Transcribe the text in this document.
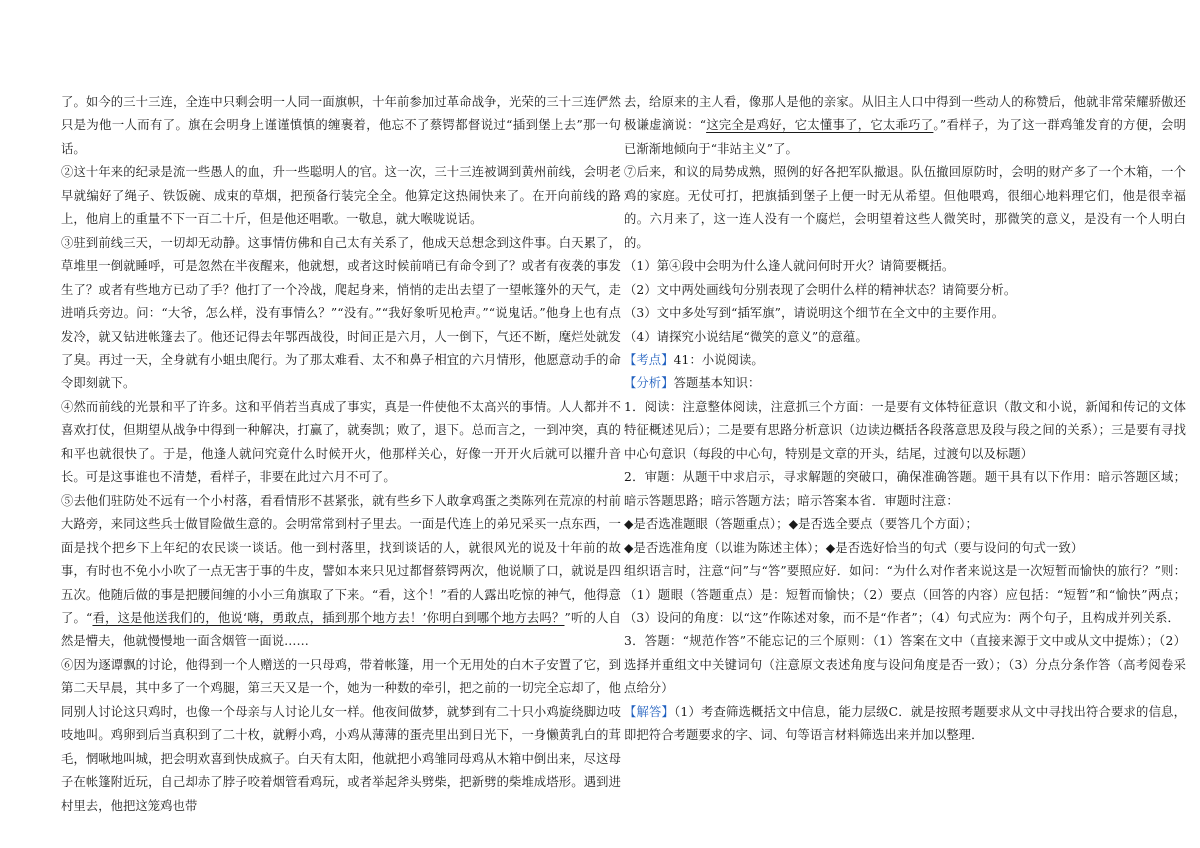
了。如今的三十三连，全连中只剩会明一人同一面旗帜，十年前参加过革命战争，光荣的三十三连俨然只是为他一人而有了。旗在会明身上谨谨慎慎的缠裹着，他忘不了蔡锷都督说过“插到堡上去”那一句话。

②这十年来的纪录是流一些愚人的血，升一些聪明人的官。这一次，三十三连被调到黄州前线，会明老早就编好了绳子、铁饭碗、成束的草烟，把预备行装完全全。他算定这热闹快来了。在开向前线的路上，他肩上的重量不下一百二十斤，但是他还唱歌。一敬息，就大喉咙说话。

③驻到前线三天，一切却无动静。这事情仿佛和自己太有关系了，他成天总想念到这件事。白天累了，草堆里一倒就睡呼，可是忽然在半夜醒来，他就想，或者这时候前哨已有命令到了？或者有夜袭的事发生了？或者有些地方已动了手？他打了一个冷战，爬起身来，悄悄的走出去望了一望帐篷外的天气，走进哨兵旁边。问：“大爷，怎么样，没有事情么？”“没有。”“我好象听见枪声。”“说鬼话。”他身上也有点发冷，就又钻进帐篷去了。他还记得去年鄂西战役，时间正是六月，人一倒下，气还不断，麾烂处就发了臭。再过一天，全身就有小蛆虫爬行。为了那太难看、太不和鼻子相宜的六月情形，他愿意动手的命令即刻就下。

④然而前线的光景和平了许多。这和平俏若当真成了事实，真是一件使他不太高兴的事情。人人都并不喜欢打仗，但期望从战争中得到一种解决，打赢了，就奏凯；败了，退下。总而言之，一到冲突，真的和平也就很快了。于是，他逢人就问究竟什么时候开火，他那样关心，好像一开开火后就可以擢升音长。可是这事谁也不清楚，看样子，非要在此过六月不可了。

⑤去他们驻防处不远有一个小村落，看看情形不甚紧张，就有些乡下人敢拿鸡蛋之类陈列在荒凉的村前大路旁，来同这些兵士做冒险做生意的。会明常常到村子里去。一面是代连上的弟兄采买一点东西，一面是找个把乡下上年纪的农民谈一谈话。他一到村落里，找到谈话的人，就很风光的说及十年前的故事，有时也不免小小吹了一点无害于事的牛皮，譬如本来只见过都督蔡锷两次，他说顺了口，就说是四五次。他随后做的事是把腰间缠的小小三角旗取了下来。“看，这个！”看的人露出吃惊的神气，他得意了。“看，这是他送我们的，他说‘嗨，勇敢点，插到那个地方去！’你明白到哪个地方去吗？”听的人自然是懵夫，他就慢慢地一面含烟管一面说……

⑥因为逐谭飘的讨论，他得到一个人赠送的一只母鸡，带着帐篷，用一个无用处的白木子安置了它，到第二天早晨，其中多了一个鸡腿，第三天又是一个，她为一种数的牵引，把之前的一切完全忘却了，他同别人讨论这只鸡时，也像一个母亲与人讨论儿女一样。他夜间做梦，就梦到有二十只小鸡旋绕脚边吱吱地叫。鸡卵到后当真积到了二十枚，就孵小鸡，小鸡从薄薄的蛋壳里出到日光下，一身懒黄乳白的茸毛，惘啾地叫城，把会明欢喜到快成疯子。白天有太阳，他就把小鸡雏同母鸡从木箱中倒出来，尽这母子在帐篷附近玩，自己却赤了脖子咬着烟管看鸡玩，或者举起斧头劈柴，把新劈的柴堆成塔形。遇到进村里去，他把这笼鸡也带

去，给原来的主人看，像那人是他的亲家。从旧主人口中得到一些动人的称赞后，他就非常荣耀骄傲还极谦虚滴说：“这完全是鸡好，它太懂事了，它太乖巧了。”看样子，为了这一群鸡雏发育的方便，会明已渐渐地倾向于“非站主义”了。

⑦后来，和议的局势成熟，照例的好各把军队撤退。队伍撤回原防时，会明的财产多了一个木箱，一个鸡的家庭。无仗可打，把旗插到堡子上便一时无从希望。但他喂鸡，很细心地料理它们，他是很幸福的。六月来了，这一连人没有一个腐烂，会明望着这些人微笑时，那微笑的意义，是没有一个人明白的。

（1）第④段中会明为什么逢人就问何时开火？请简要概括。

（2）文中两处画线句分别表现了会明什么样的精神状态？请简要分析。

（3）文中多处写到“插军旗”，请说明这个细节在全文中的主要作用。

（4）请探究小说结尾“微笑的意义”的意蕴。

【考点】41：小说阅读。

【分析】答题基本知识：

1．阅读：注意整体阅读，注意抓三个方面：一是要有文体特征意识（散文和小说，新闻和传记的文体特征概述见后）；二是要有思路分析意识（边读边概括各段落意思及段与段之间的关系）；三是要有寻找中心句意识（每段的中心句，特别是文章的开头，结尾，过渡句以及标题）

2．审题：从题干中求启示，寻求解题的突破口，确保准确答题。题干具有以下作用：暗示答题区域；暗示答题思路；暗示答题方法；暗示答案本省．审题时注意：

◆是否选准题眼（答题重点）；◆是否选全要点（要答几个方面）；

◆是否选准角度（以谁为陈述主体）；◆是否选好恰当的句式（要与设问的句式一致）

组织语言时，注意“问”与“答”要照应好．如问：“为什么对作者来说这是一次短暂而愉快的旅行？”则：（1）题眼（答题重点）是：短暂而愉快；（2）要点（回答的内容）应包括：“短暂”和“愉快”两点；（3）设问的角度：以“这”作陈述对象，而不是“作者”；（4）句式应为：两个句子，且构成并列关系．

3．答题：“规范作答”不能忘记的三个原则：（1）答案在文中（直接来源于文中或从文中提炼）；（2）选择并重组文中关键词句（注意原文表述角度与设问角度是否一致）；（3）分点分条作答（高考阅卷采点给分）

【解答】（1）考查筛选概括文中信息，能力层级C．就是按照考题要求从文中寻找出符合要求的信息，即把符合考题要求的字、词、句等语言材料筛选出来并加以整理．
